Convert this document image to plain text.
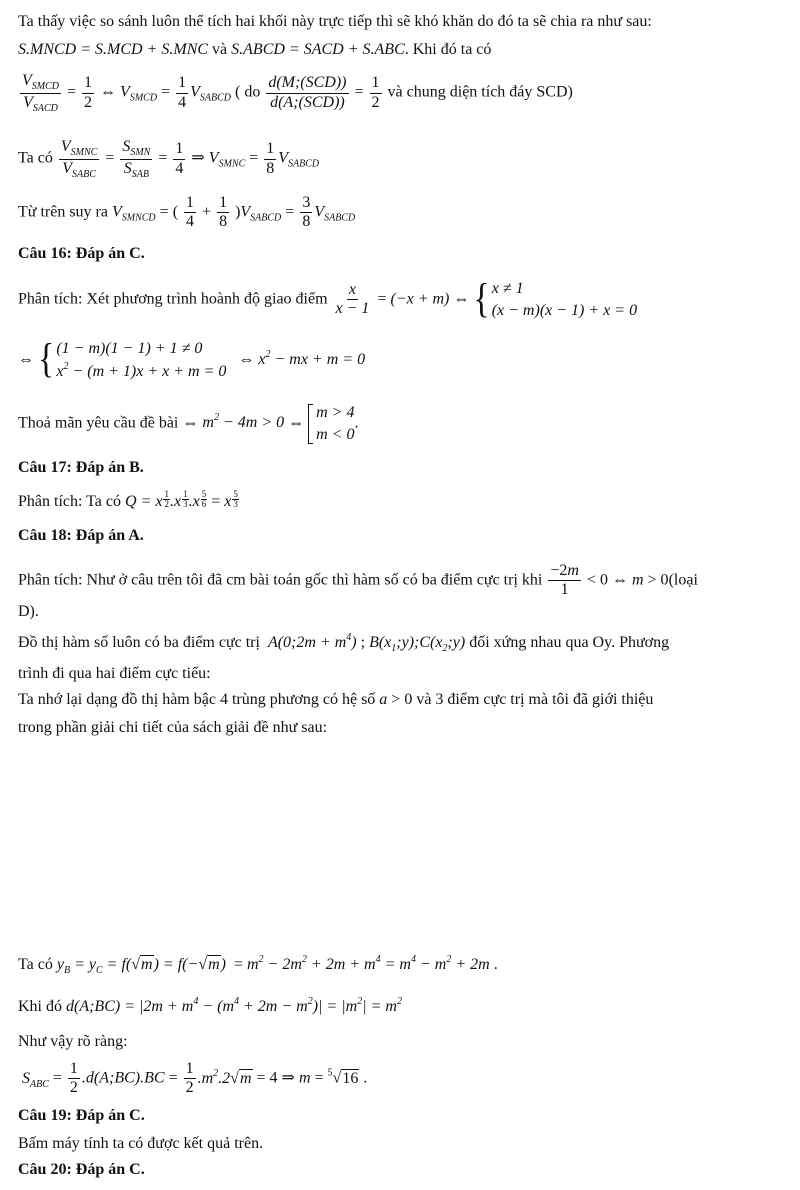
Ta thấy việc so sánh luôn thể tích hai khối này trực tiếp thì sẽ khó khăn do đó ta sẽ chia ra như sau:
S.MNCD = S.MCD + S.MNC và S.ABCD = SACD + S.ABC. Khi đó ta có
$\frac{V_{SMCD}}{V_{SACD}} = \frac{1}{2}$ ⇔ $V_{SMCD} = \frac{1}{4} V_{SABCD}$ ( do $\frac{\text{d(M;(SCD))}}{\text{d(A;(SCD))}} = \frac{1}{2}$ và chung diện tích đáy SCD)
Ta có $\frac{V_{SMNC}}{V_{SABC}} = \frac{S_{SMN}}{S_{SAB}} = \frac{1}{4}$ ⇒ $V_{SMNC} = \frac{1}{8} V_{SABCD}$
Từ trên suy ra $V_{SMNCD}$ = ( $\frac{1}{4} + \frac{1}{8} )V_{SABCD} = \frac{3}{8} V_{SABCD}$
Câu 16: Đáp án C.
Phân tích: Xét phương trình hoành độ giao điểm $\frac{x}{x - 1} = (-x + m)$ ⇔ { x ≠ 1
(x − m)(x − 1) + x = 0
⇔ { (1 − m)(1 − 1) + 1 ≠ 0
$x^2 - (m + 1)x + x + m = 0$
⇔ $x^2$ − mx + m = 0
Thoả mãn yêu cầu đề bài ⇔ $m^2 - 4m > 0$ ⇔
m > 4
m < 0
.
Câu 17: Đáp án B.
Phân tích: Ta có Q = x $\frac{1}{2} .x \frac{1}{3} .x \frac{5}{6} = x \frac{5}{3}$
Câu 18: Đáp án A.
Phân tích: Như ở câu trên tôi đã cm bài toán gốc thì hàm số có ba điểm cực trị khi $\frac{-2m}{1} < 0$ ⇔ m > 0(loại
D).
Đồ thị hàm số luôn có ba điểm cực trị A(0;2m + $m^4$) ; $B(x_1;y);C(x_2;y)$ đối xứng nhau qua Oy. Phương
trình đi qua hai điểm cực tiểu:
Ta nhớ lại dạng đồ thị hàm bậc 4 trùng phương có hệ số a > 0 và 3 điểm cực trị mà tôi đã giới thiệu
trong phần giải chi tiết của sách giải đề như sau:
Ta có $y_B = y_C = f(√m) = f(-√m) = m^2 - 2m^2 + 2m + m^4 = m^4 - m^2 + 2m$ .
Khi đó d(A;BC) = $|2m + m^4 - (m^4 + 2m - m^2)| = |m^2| = m^2$
Như vậy rõ ràng:
$S_{ABC} = \frac{1}{2}$ .d(A;BC).BC = $\frac{1}{2} .m^2.2√m = 4$ ⇒ m = $^5$√16 .
Câu 19: Đáp án C.
Bấm máy tính ta có được kết quả trên.
Câu 20: Đáp án C.
